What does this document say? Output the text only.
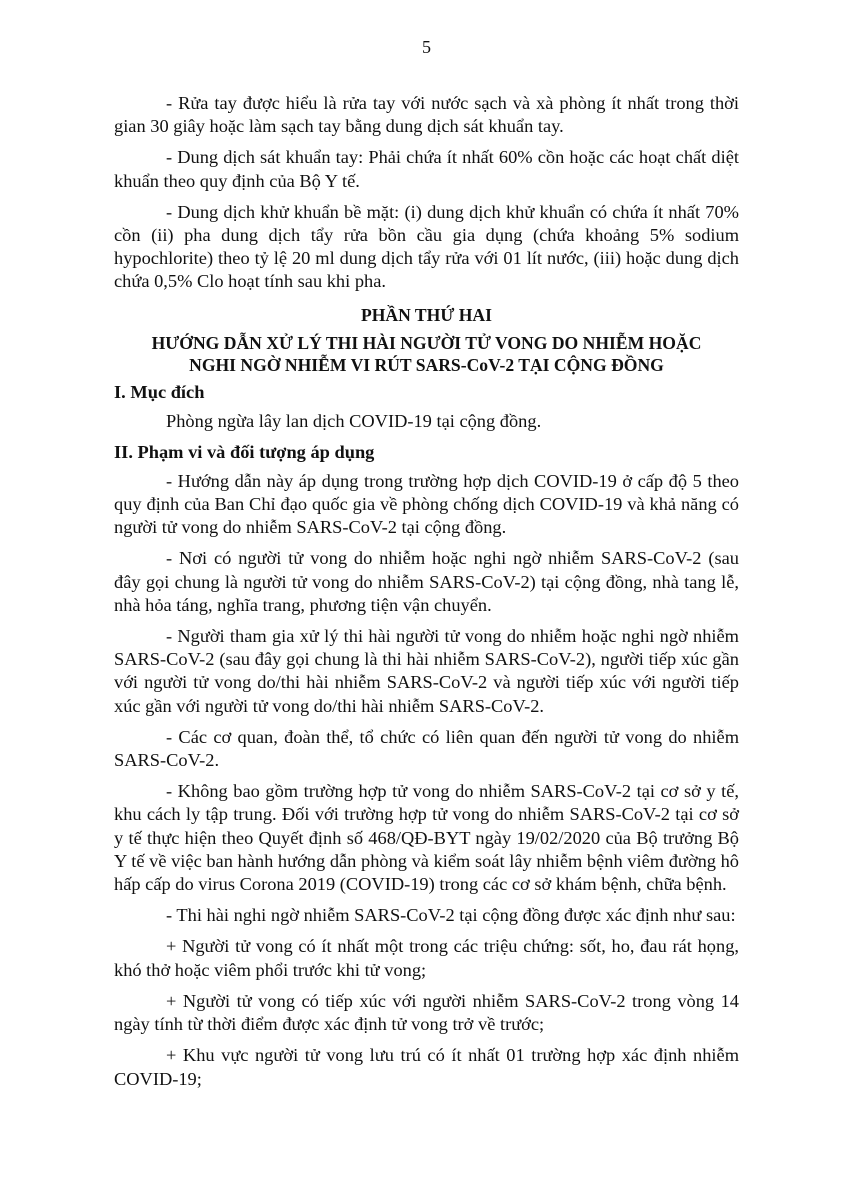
5

- Rửa tay được hiểu là rửa tay với nước sạch và xà phòng ít nhất trong thời gian 30 giây hoặc làm sạch tay bằng dung dịch sát khuẩn tay.

- Dung dịch sát khuẩn tay: Phải chứa ít nhất 60% cồn hoặc các hoạt chất diệt khuẩn theo quy định của Bộ Y tế.

- Dung dịch khử khuẩn bề mặt: (i) dung dịch khử khuẩn có chứa ít nhất 70% cồn (ii) pha dung dịch tẩy rửa bồn cầu gia dụng (chứa khoảng 5% sodium hypochlorite) theo tỷ lệ 20 ml dung dịch tẩy rửa với 01 lít nước, (iii) hoặc dung dịch chứa 0,5% Clo hoạt tính sau khi pha.

PHẦN THỨ HAI
HƯỚNG DẪN XỬ LÝ THI HÀI NGƯỜI TỬ VONG DO NHIỄM HOẶC
NGHI NGỜ NHIỄM VI RÚT SARS-CoV-2 TẠI CỘNG ĐỒNG
I. Mục đích

Phòng ngừa lây lan dịch COVID-19 tại cộng đồng.

II. Phạm vi và đối tượng áp dụng

- Hướng dẫn này áp dụng trong trường hợp dịch COVID-19 ở cấp độ 5 theo quy định của Ban Chỉ đạo quốc gia về phòng chống dịch COVID-19 và khả năng có người tử vong do nhiễm SARS-CoV-2 tại cộng đồng.

- Nơi có người tử vong do nhiễm hoặc nghi ngờ nhiễm SARS-CoV-2 (sau đây gọi chung là người tử vong do nhiễm SARS-CoV-2) tại cộng đồng, nhà tang lễ, nhà hỏa táng, nghĩa trang, phương tiện vận chuyển.

- Người tham gia xử lý thi hài người tử vong do nhiễm hoặc nghi ngờ nhiễm SARS-CoV-2 (sau đây gọi chung là thi hài nhiễm SARS-CoV-2), người tiếp xúc gần với người tử vong do/thi hài nhiễm SARS-CoV-2 và người tiếp xúc với người tiếp xúc gần với người tử vong do/thi hài nhiễm SARS-CoV-2.

- Các cơ quan, đoàn thể, tổ chức có liên quan đến người tử vong do nhiễm SARS-CoV-2.

- Không bao gồm trường hợp tử vong do nhiễm SARS-CoV-2 tại cơ sở y tế, khu cách ly tập trung. Đối với trường hợp tử vong do nhiễm SARS-CoV-2 tại cơ sở y tế thực hiện theo Quyết định số 468/QĐ-BYT ngày 19/02/2020 của Bộ trưởng Bộ Y tế về việc ban hành hướng dẫn phòng và kiểm soát lây nhiễm bệnh viêm đường hô hấp cấp do virus Corona 2019 (COVID-19) trong các cơ sở khám bệnh, chữa bệnh.

- Thi hài nghi ngờ nhiễm SARS-CoV-2 tại cộng đồng được xác định như sau:

+ Người tử vong có ít nhất một trong các triệu chứng: sốt, ho, đau rát họng, khó thở hoặc viêm phổi trước khi tử vong;

+ Người tử vong có tiếp xúc với người nhiễm SARS-CoV-2 trong vòng 14 ngày tính từ thời điểm được xác định tử vong trở về trước;

+ Khu vực người tử vong lưu trú có ít nhất 01 trường hợp xác định nhiễm COVID-19;
